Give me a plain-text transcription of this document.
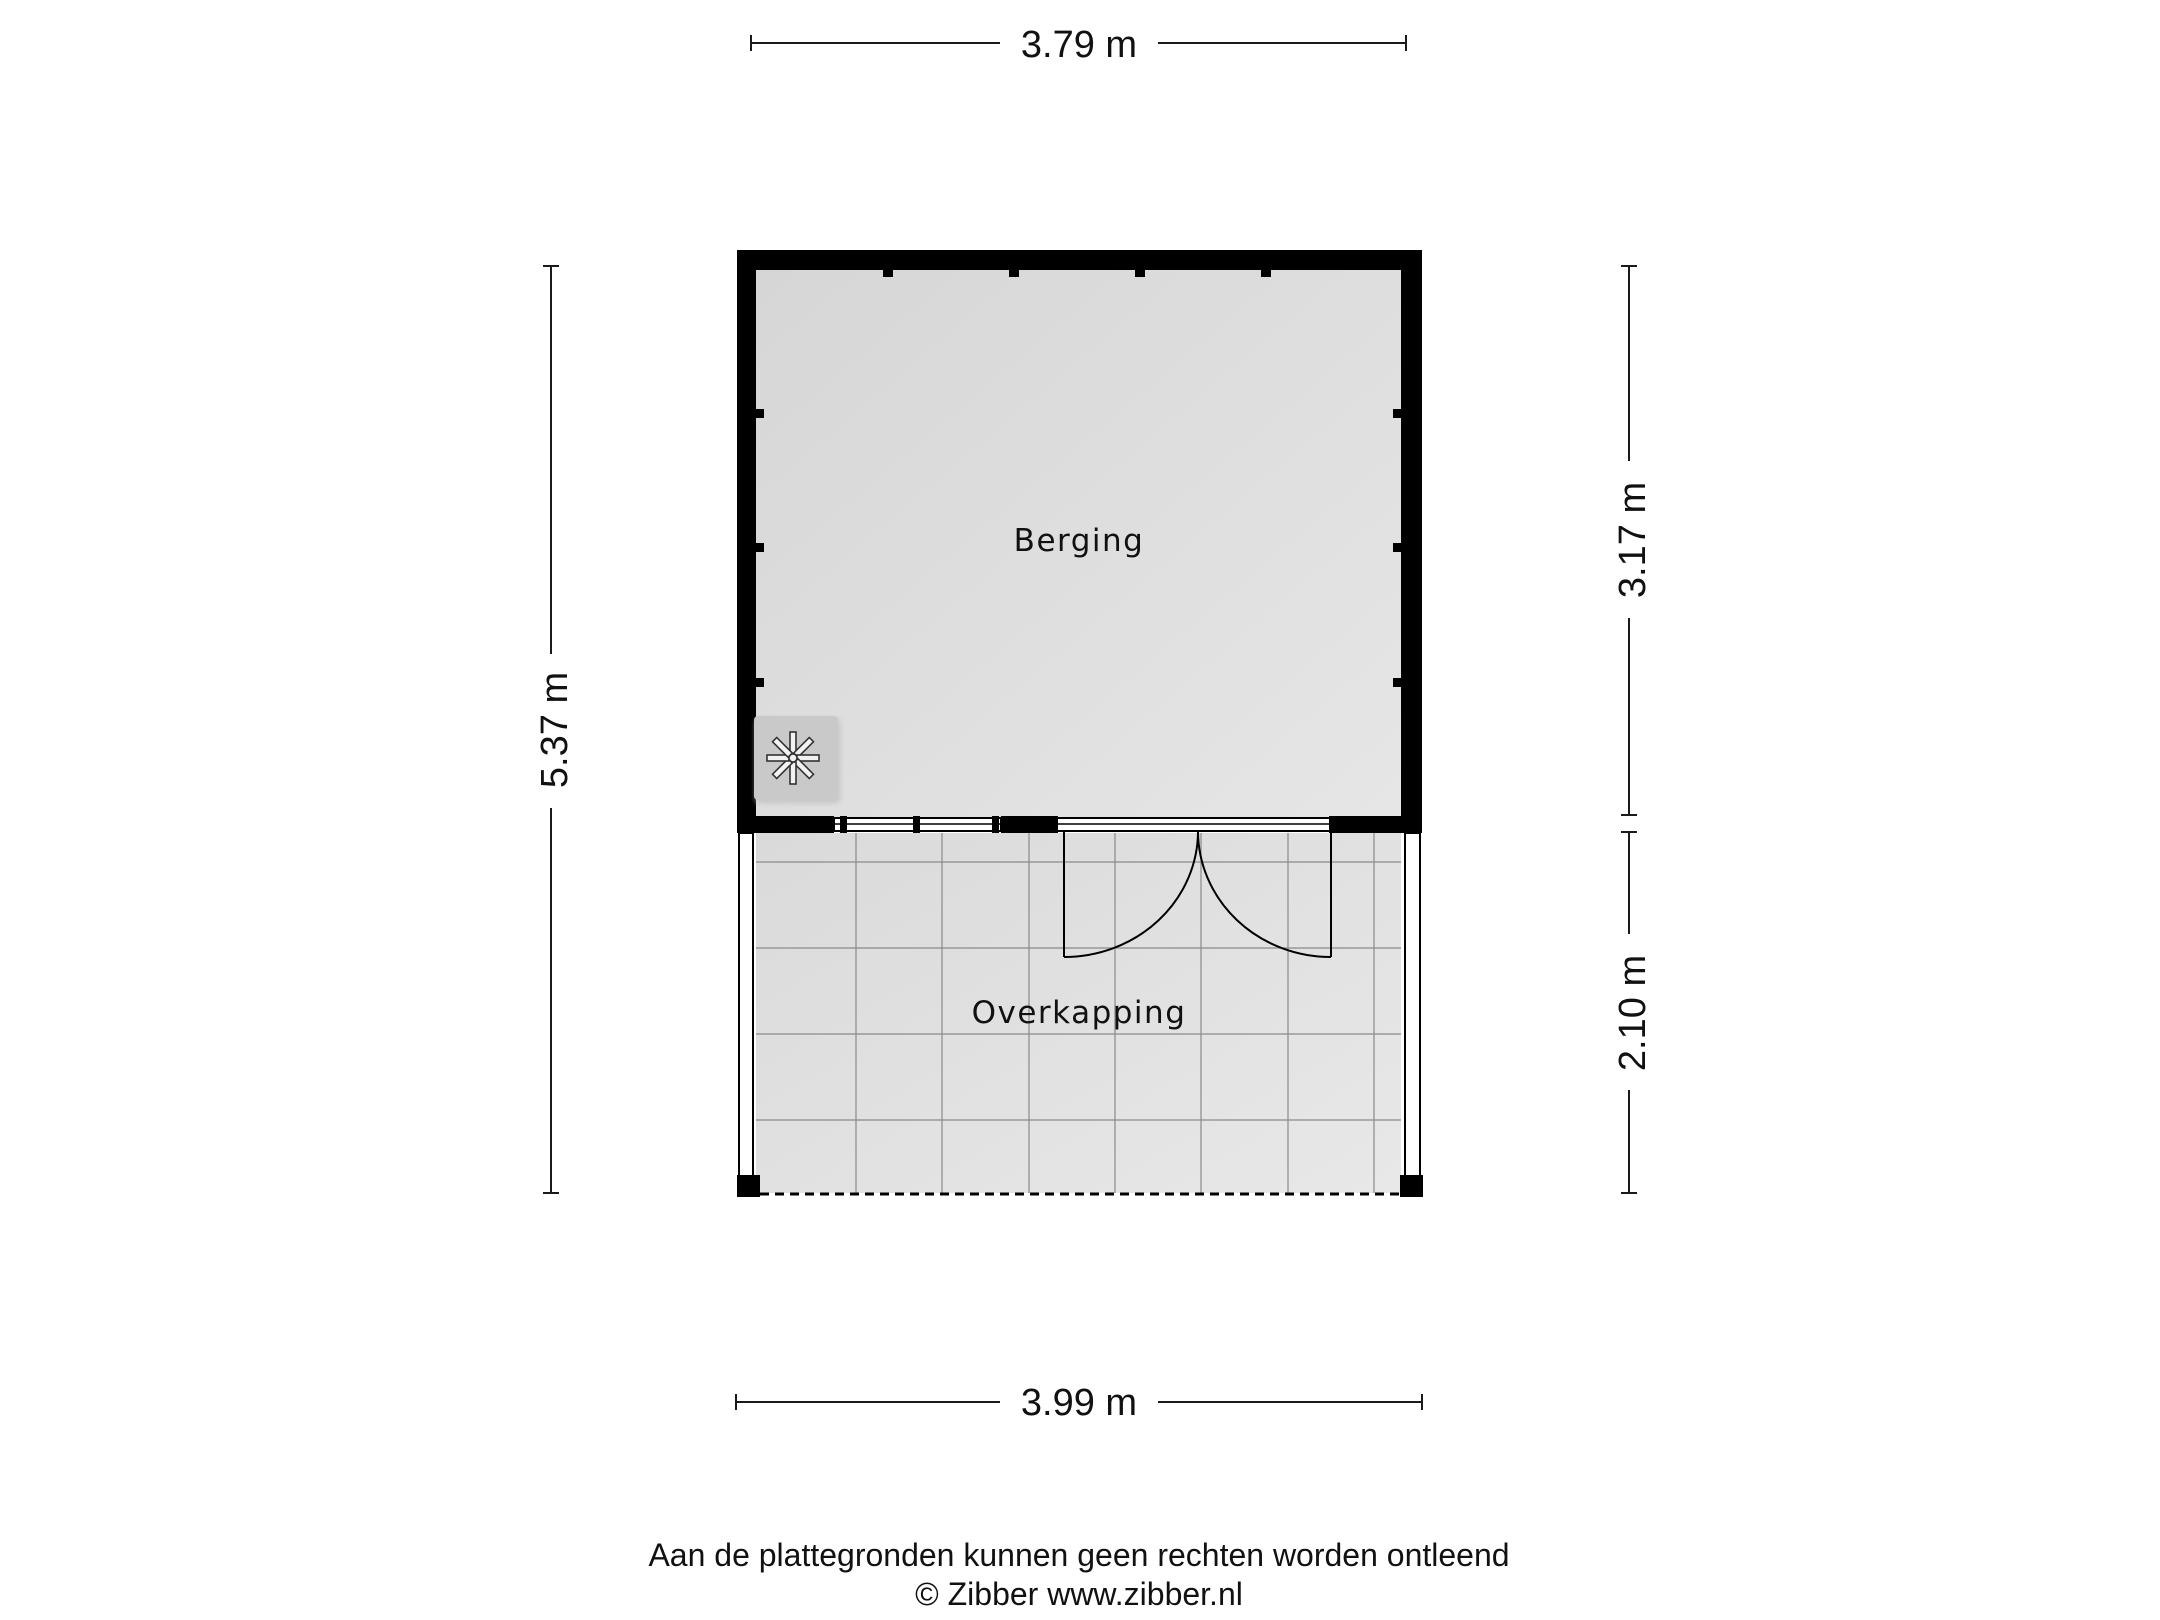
Berging
Overkapping
3.79 m
3.99 m
5.37 m
3.17 m
2.10 m
Aan de plattegronden kunnen geen rechten worden ontleend
© Zibber www.zibber.nl
